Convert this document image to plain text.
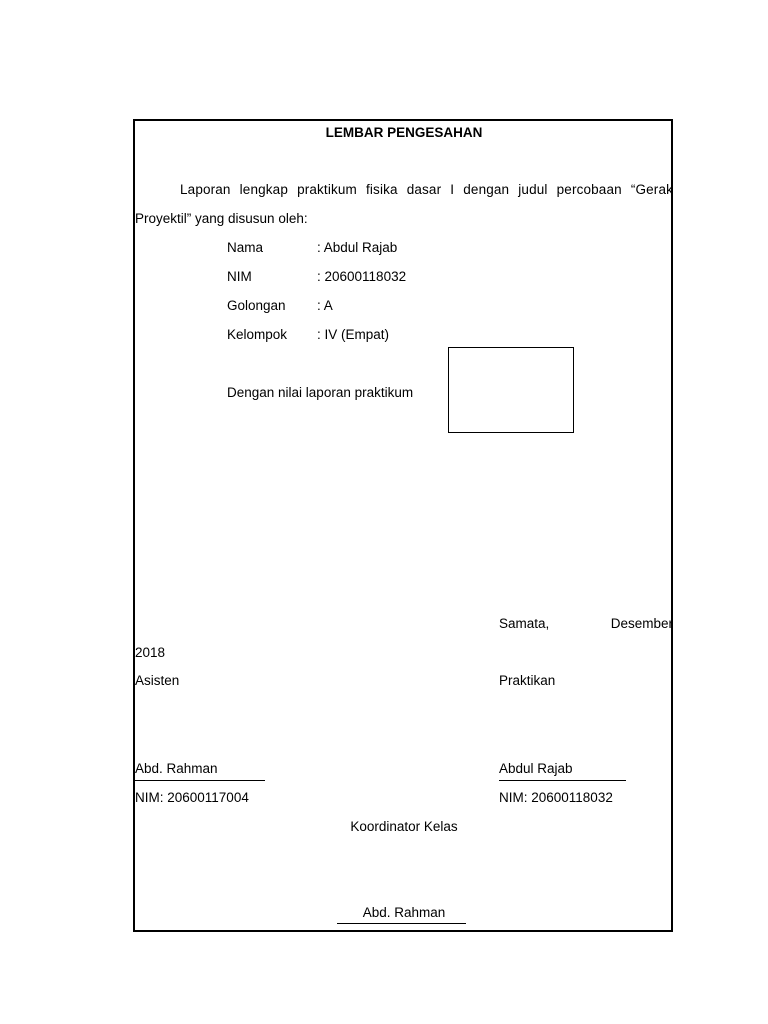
LEMBAR PENGESAHAN
Laporan lengkap praktikum fisika dasar I dengan judul percobaan “Gerak
Proyektil” yang disusun oleh:
Nama	: Abdul Rajab
NIM	: 20600118032
Golongan : A
Kelompok : IV (Empat)
Dengan nilai laporan praktikum
Samata,	Desember
2018
Asisten	Praktikan
Abd. Rahman
NIM: 20600117004
Abdul Rajab
NIM: 20600118032
Koordinator Kelas
Abd. Rahman
